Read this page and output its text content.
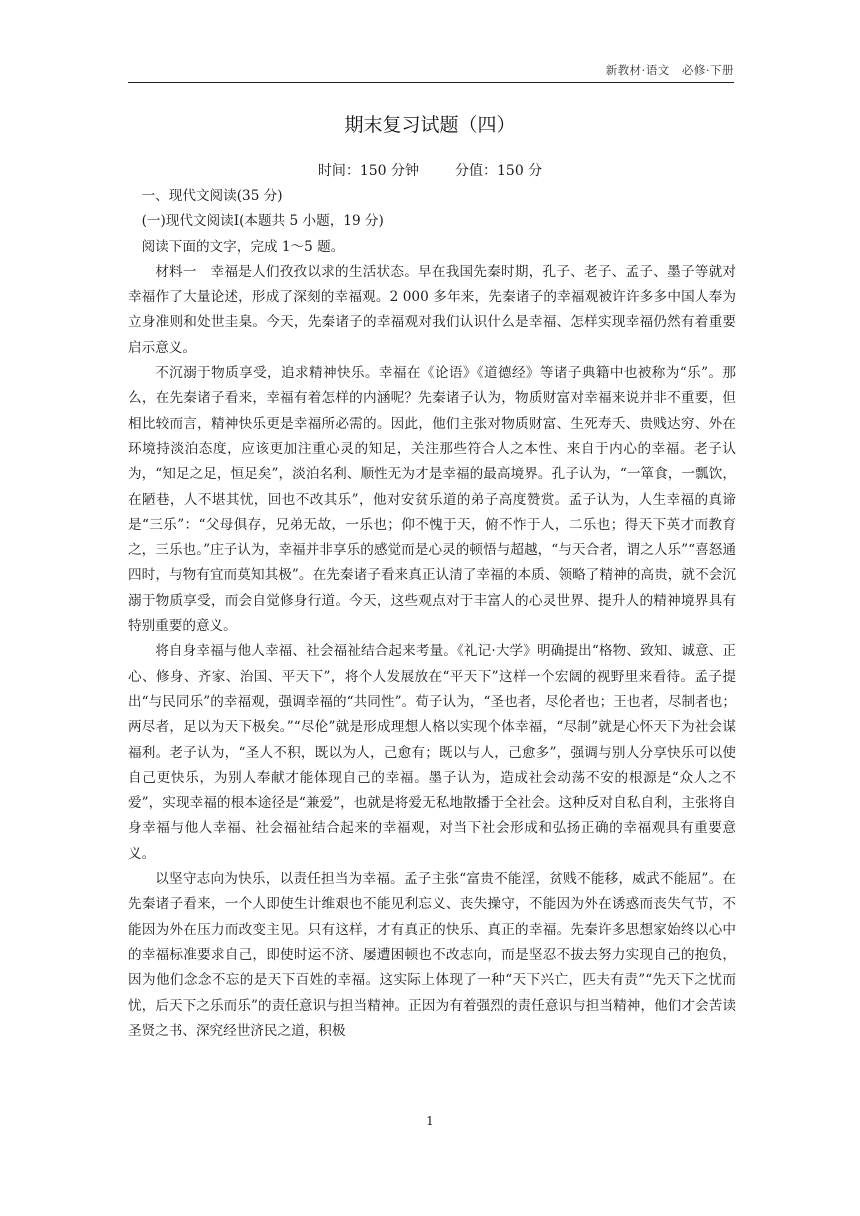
新教材·语文　必修·下册
期末复习试题（四）
时间：150 分钟	分值：150 分

一、现代文阅读(35 分)

(一)现代文阅读Ⅰ(本题共 5 小题，19 分)

阅读下面的文字，完成 1～5 题。

材料一　幸福是人们孜孜以求的生活状态。早在我国先秦时期，孔子、老子、孟子、墨子等就对幸福作了大量论述，形成了深刻的幸福观。2 000 多年来，先秦诸子的幸福观被许许多多中国人奉为立身准则和处世圭臬。今天，先秦诸子的幸福观对我们认识什么是幸福、怎样实现幸福仍然有着重要启示意义。

不沉溺于物质享受，追求精神快乐。幸福在《论语》《道德经》等诸子典籍中也被称为“乐”。那么，在先秦诸子看来，幸福有着怎样的内涵呢？先秦诸子认为，物质财富对幸福来说并非不重要，但相比较而言，精神快乐更是幸福所必需的。因此，他们主张对物质财富、生死寿夭、贵贱达穷、外在环境持淡泊态度，应该更加注重心灵的知足，关注那些符合人之本性、来自于内心的幸福。老子认为，“知足之足，恒足矣”，淡泊名利、顺性无为才是幸福的最高境界。孔子认为，“一箪食，一瓢饮，在陋巷，人不堪其忧，回也不改其乐”，他对安贫乐道的弟子高度赞赏。孟子认为，人生幸福的真谛是“三乐”：“父母俱存，兄弟无故，一乐也；仰不愧于天，俯不怍于人，二乐也；得天下英才而教育之，三乐也。”庄子认为，幸福并非享乐的感觉而是心灵的顿悟与超越，“与天合者，谓之人乐”“喜怒通四时，与物有宜而莫知其极”。在先秦诸子看来真正认清了幸福的本质、领略了精神的高贵，就不会沉溺于物质享受，而会自觉修身行道。今天，这些观点对于丰富人的心灵世界、提升人的精神境界具有特别重要的意义。

将自身幸福与他人幸福、社会福祉结合起来考量。《礼记·大学》明确提出“格物、致知、诚意、正心、修身、齐家、治国、平天下”，将个人发展放在“平天下”这样一个宏阔的视野里来看待。孟子提出“与民同乐”的幸福观，强调幸福的“共同性”。荀子认为，“圣也者，尽伦者也；王也者，尽制者也；两尽者，足以为天下极矣。”“尽伦”就是形成理想人格以实现个体幸福，“尽制”就是心怀天下为社会谋福利。老子认为，“圣人不积，既以为人，己愈有；既以与人，己愈多”，强调与别人分享快乐可以使自己更快乐，为别人奉献才能体现自己的幸福。墨子认为，造成社会动荡不安的根源是“众人之不爱”，实现幸福的根本途径是“兼爱”，也就是将爱无私地散播于全社会。这种反对自私自利，主张将自身幸福与他人幸福、社会福祉结合起来的幸福观，对当下社会形成和弘扬正确的幸福观具有重要意义。

以坚守志向为快乐，以责任担当为幸福。孟子主张“富贵不能淫，贫贱不能移，威武不能屈”。在先秦诸子看来，一个人即使生计维艰也不能见利忘义、丧失操守，不能因为外在诱惑而丧失气节，不能因为外在压力而改变主见。只有这样，才有真正的快乐、真正的幸福。先秦许多思想家始终以心中的幸福标准要求自己，即使时运不济、屡遭困顿也不改志向，而是坚忍不拔去努力实现自己的抱负，因为他们念念不忘的是天下百姓的幸福。这实际上体现了一种“天下兴亡，匹夫有责”“先天下之忧而忧，后天下之乐而乐”的责任意识与担当精神。正因为有着强烈的责任意识与担当精神，他们才会苦读圣贤之书、深究经世济民之道，积极

1
